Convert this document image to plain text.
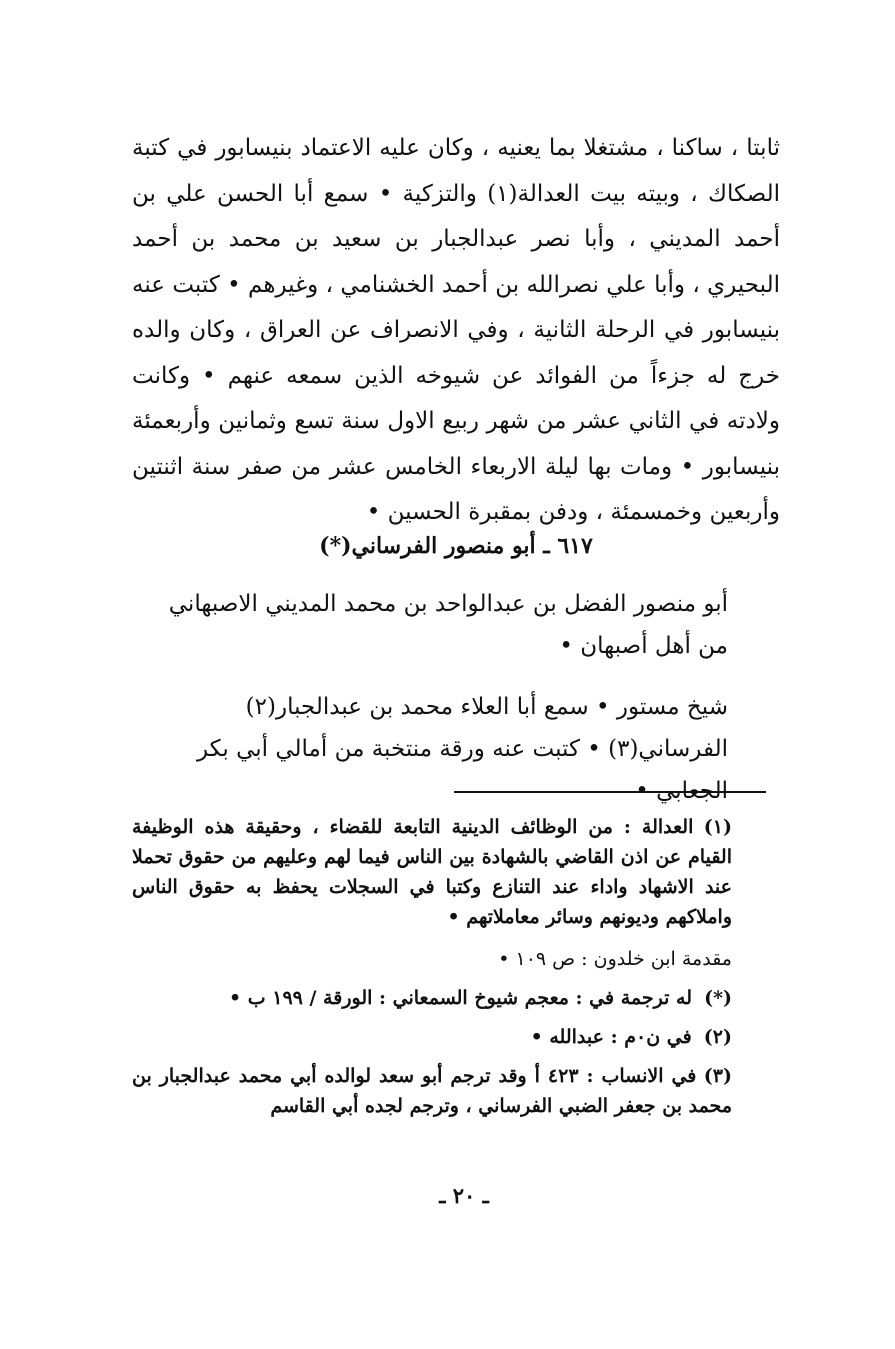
ثابتا ، ساكنا ، مشتغلا بما يعنيه ، وكان عليه الاعتماد بنيسابور في كتبة الصكاك ، وبيته بيت العدالة(١) والتزكية • سمع أبا الحسن علي بن أحمد المديني ، وأبا نصر عبدالجبار بن سعيد بن محمد بن أحمد البحيري ، وأبا علي نصرالله بن أحمد الخشنامي ، وغيرهم • كتبت عنه بنيسابور في الرحلة الثانية ، وفي الانصراف عن العراق ، وكان والده خرج له جزءاً من الفوائد عن شيوخه الذين سمعه عنهم • وكانت ولادته في الثاني عشر من شهر ربيع الاول سنة تسع وثمانين وأربعمئة بنيسابور • ومات بها ليلة الاربعاء الخامس عشر من صفر سنة اثنتين وأربعين وخمسمئة ، ودفن بمقبرة الحسين •
٦١٧ ـ أبو منصور الفرساني(*)
أبو منصور الفضل بن عبدالواحد بن محمد المديني الاصبهاني من أهل أصبهان •
شيخ مستور • سمع أبا العلاء محمد بن عبدالجبار(٢) الفرساني(٣) • كتبت عنه ورقة منتخبة من أمالي أبي بكر الجعابي •
(١) العدالة : من الوظائف الدينية التابعة للقضاء ، وحقيقة هذه الوظيفة القيام عن اذن القاضي بالشهادة بين الناس فيما لهم وعليهم من حقوق تحملا عند الاشهاد واداء عند التنازع وكتبا في السجلات يحفظ به حقوق الناس واملاكهم وديونهم وسائر معاملاتهم •
مقدمة ابن خلدون : ص ١٠٩ •
(*)  له ترجمة في : معجم شيوخ السمعاني : الورقة / ١٩٩ ب •
(٢)  في ن٠م : عبدالله •
(٣) في الانساب : ٤٢٣ أ وقد ترجم أبو سعد لوالده أبي محمد عبدالجبار بن محمد بن جعفر الضبي الفرساني ، وترجم لجده أبي القاسم
ـ ٢٠ ـ
